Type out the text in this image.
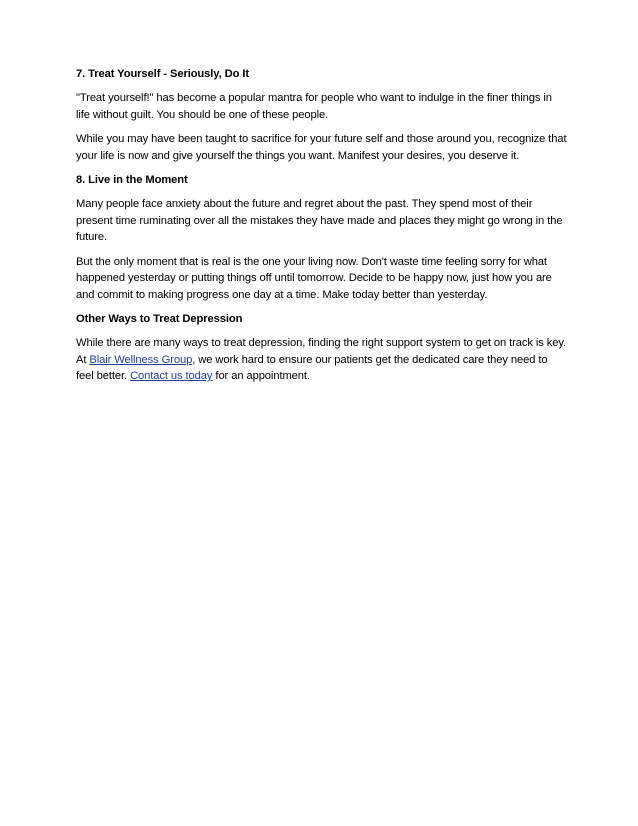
7. Treat Yourself - Seriously, Do It

"Treat yourself!" has become a popular mantra for people who want to indulge in the finer things in life without guilt. You should be one of these people.

While you may have been taught to sacrifice for your future self and those around you, recognize that your life is now and give yourself the things you want. Manifest your desires, you deserve it.

8. Live in the Moment

Many people face anxiety about the future and regret about the past. They spend most of their present time ruminating over all the mistakes they have made and places they might go wrong in the future.

But the only moment that is real is the one your living now. Don't waste time feeling sorry for what happened yesterday or putting things off until tomorrow. Decide to be happy now, just how you are and commit to making progress one day at a time. Make today better than yesterday.

Other Ways to Treat Depression

While there are many ways to treat depression, finding the right support system to get on track is key. At Blair Wellness Group, we work hard to ensure our patients get the dedicated care they need to feel better. Contact us today for an appointment.
